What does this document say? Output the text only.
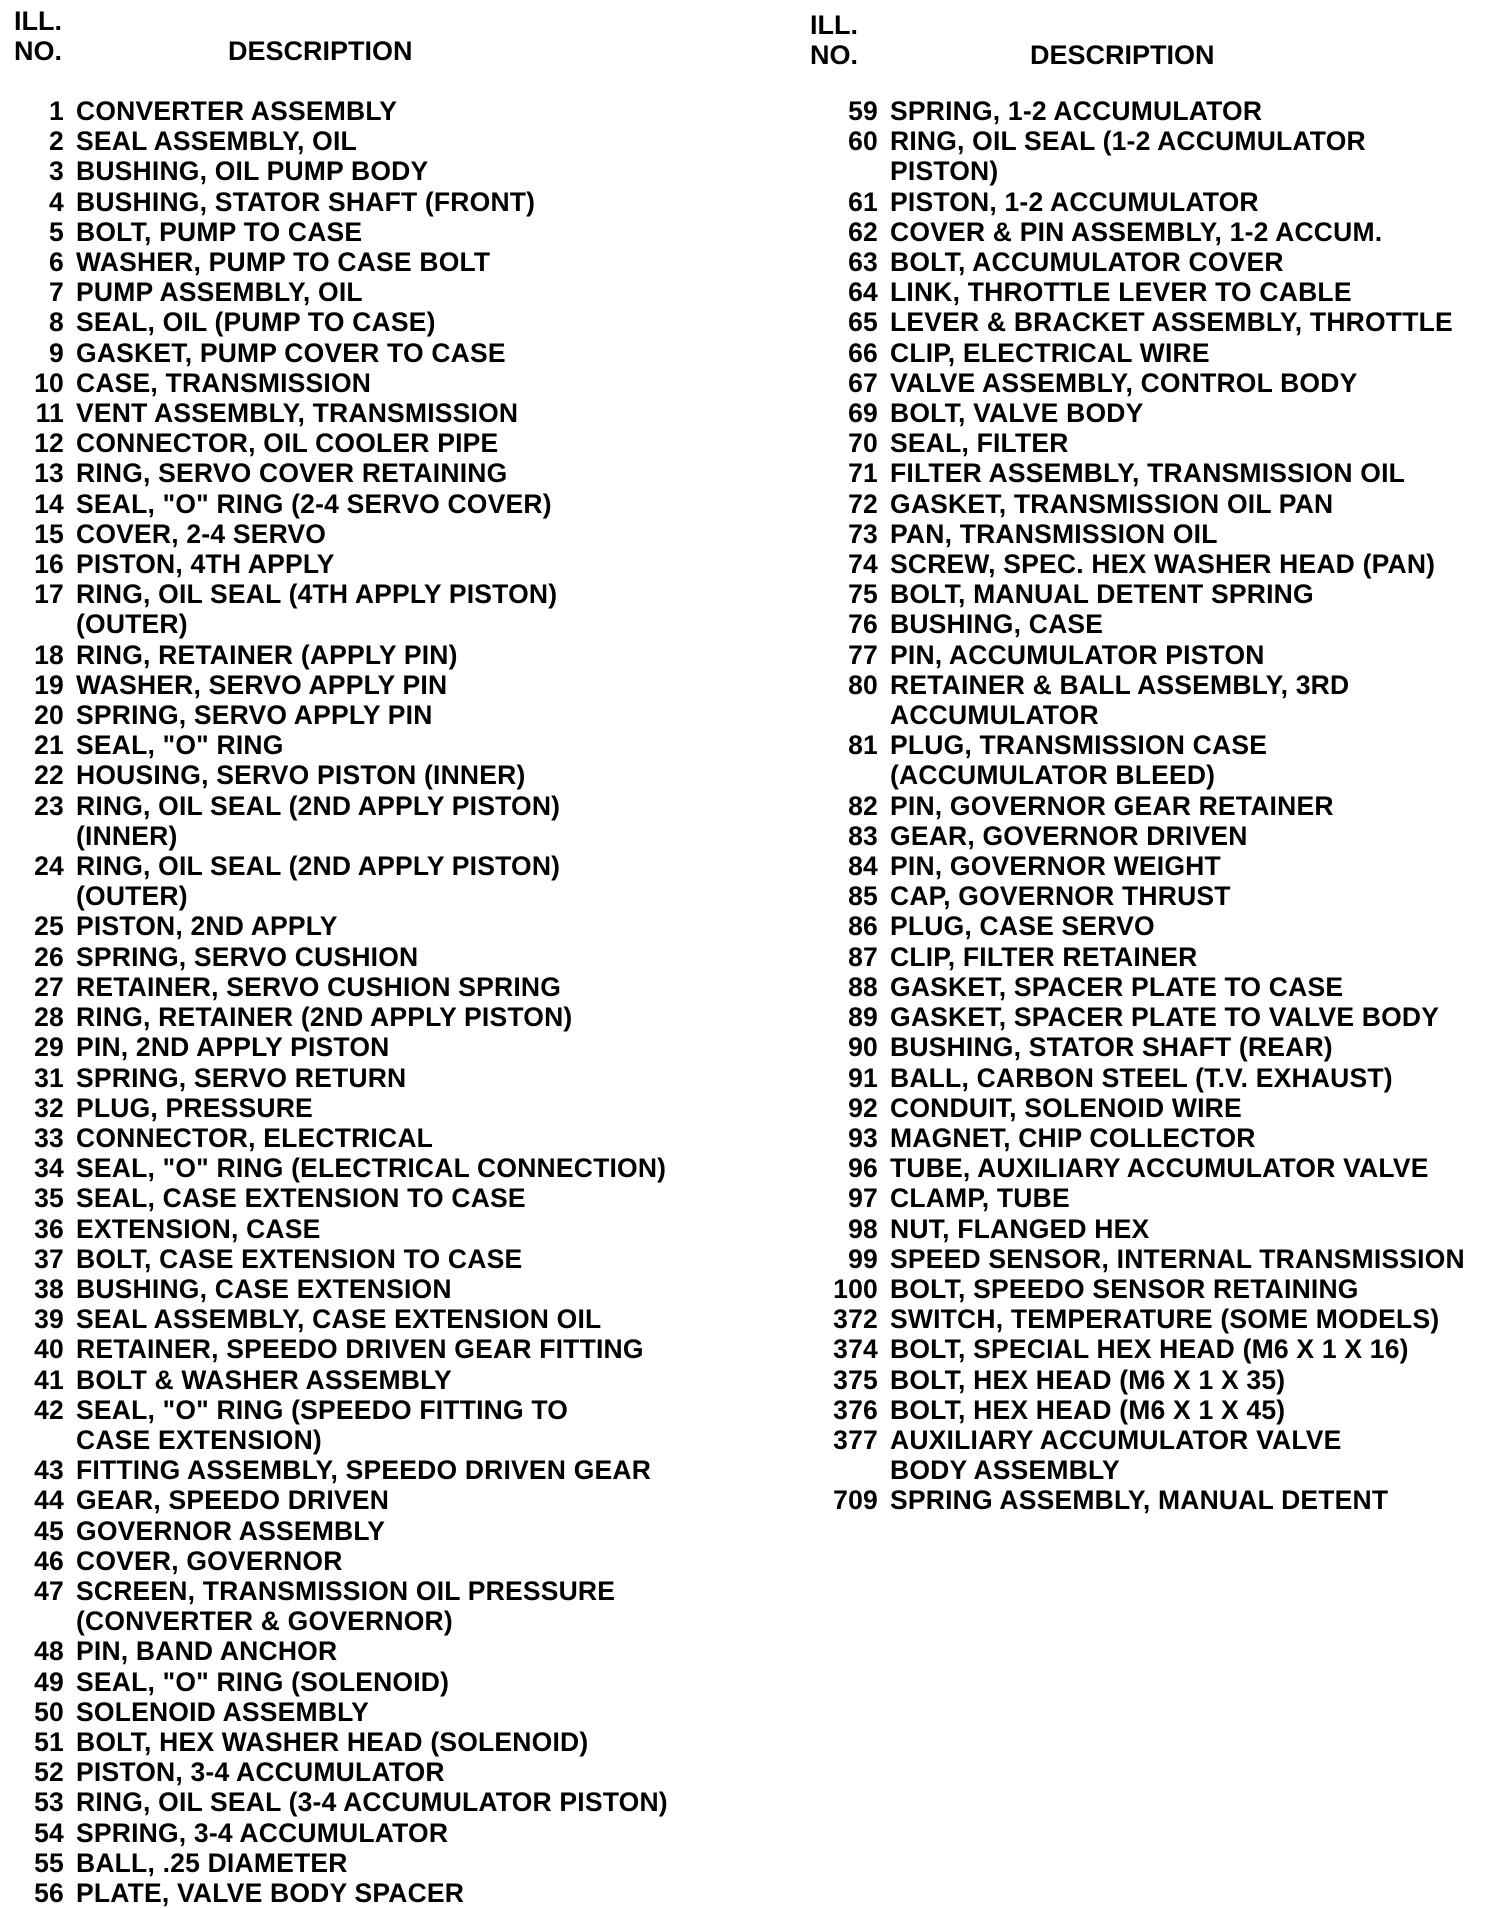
ILL.
NO.	DESCRIPTION
1 CONVERTER ASSEMBLY
2 SEAL ASSEMBLY, OIL
3 BUSHING, OIL PUMP BODY
4 BUSHING, STATOR SHAFT (FRONT)
5 BOLT, PUMP TO CASE
6 WASHER, PUMP TO CASE BOLT
7 PUMP ASSEMBLY, OIL
8 SEAL, OIL (PUMP TO CASE)
9 GASKET, PUMP COVER TO CASE
10 CASE, TRANSMISSION
11 VENT ASSEMBLY, TRANSMISSION
12 CONNECTOR, OIL COOLER PIPE
13 RING, SERVO COVER RETAINING
14 SEAL, "O" RING (2-4 SERVO COVER)
15 COVER, 2-4 SERVO
16 PISTON, 4TH APPLY
17 RING, OIL SEAL (4TH APPLY PISTON)
(OUTER)
18 RING, RETAINER (APPLY PIN)
19 WASHER, SERVO APPLY PIN
20 SPRING, SERVO APPLY PIN
21 SEAL, "O" RING
22 HOUSING, SERVO PISTON (INNER)
23 RING, OIL SEAL (2ND APPLY PISTON)
(INNER)
24 RING, OIL SEAL (2ND APPLY PISTON)
(OUTER)
25 PISTON, 2ND APPLY
26 SPRING, SERVO CUSHION
27 RETAINER, SERVO CUSHION SPRING
28 RING, RETAINER (2ND APPLY PISTON)
29 PIN, 2ND APPLY PISTON
31 SPRING, SERVO RETURN
32 PLUG, PRESSURE
33 CONNECTOR, ELECTRICAL
34 SEAL, "O" RING (ELECTRICAL CONNECTION)
35 SEAL, CASE EXTENSION TO CASE
36 EXTENSION, CASE
37 BOLT, CASE EXTENSION TO CASE
38 BUSHING, CASE EXTENSION
39 SEAL ASSEMBLY, CASE EXTENSION OIL
40 RETAINER, SPEEDO DRIVEN GEAR FITTING
41 BOLT & WASHER ASSEMBLY
42 SEAL, "O" RING (SPEEDO FITTING TO
CASE EXTENSION)
43 FITTING ASSEMBLY, SPEEDO DRIVEN GEAR
44 GEAR, SPEEDO DRIVEN
45 GOVERNOR ASSEMBLY
46 COVER, GOVERNOR
47 SCREEN, TRANSMISSION OIL PRESSURE
(CONVERTER & GOVERNOR)
48 PIN, BAND ANCHOR
49 SEAL, "O" RING (SOLENOID)
50 SOLENOID ASSEMBLY
51 BOLT, HEX WASHER HEAD (SOLENOID)
52 PISTON, 3-4 ACCUMULATOR
53 RING, OIL SEAL (3-4 ACCUMULATOR PISTON)
54 SPRING, 3-4 ACCUMULATOR
55 BALL, .25 DIAMETER
56 PLATE, VALVE BODY SPACER
ILL.
NO.	DESCRIPTION
59 SPRING, 1-2 ACCUMULATOR
60 RING, OIL SEAL (1-2 ACCUMULATOR
PISTON)
61 PISTON, 1-2 ACCUMULATOR
62 COVER & PIN ASSEMBLY, 1-2 ACCUM.
63 BOLT, ACCUMULATOR COVER
64 LINK, THROTTLE LEVER TO CABLE
65 LEVER & BRACKET ASSEMBLY, THROTTLE
66 CLIP, ELECTRICAL WIRE
67 VALVE ASSEMBLY, CONTROL BODY
69 BOLT, VALVE BODY
70 SEAL, FILTER
71 FILTER ASSEMBLY, TRANSMISSION OIL
72 GASKET, TRANSMISSION OIL PAN
73 PAN, TRANSMISSION OIL
74 SCREW, SPEC. HEX WASHER HEAD (PAN)
75 BOLT, MANUAL DETENT SPRING
76 BUSHING, CASE
77 PIN, ACCUMULATOR PISTON
80 RETAINER & BALL ASSEMBLY, 3RD
ACCUMULATOR
81 PLUG, TRANSMISSION CASE
(ACCUMULATOR BLEED)
82 PIN, GOVERNOR GEAR RETAINER
83 GEAR, GOVERNOR DRIVEN
84 PIN, GOVERNOR WEIGHT
85 CAP, GOVERNOR THRUST
86 PLUG, CASE SERVO
87 CLIP, FILTER RETAINER
88 GASKET, SPACER PLATE TO CASE
89 GASKET, SPACER PLATE TO VALVE BODY
90 BUSHING, STATOR SHAFT (REAR)
91 BALL, CARBON STEEL (T.V. EXHAUST)
92 CONDUIT, SOLENOID WIRE
93 MAGNET, CHIP COLLECTOR
96 TUBE, AUXILIARY ACCUMULATOR VALVE
97 CLAMP, TUBE
98 NUT, FLANGED HEX
99 SPEED SENSOR, INTERNAL TRANSMISSION
100 BOLT, SPEEDO SENSOR RETAINING
372 SWITCH, TEMPERATURE (SOME MODELS)
374 BOLT, SPECIAL HEX HEAD (M6 X 1 X 16)
375 BOLT, HEX HEAD (M6 X 1 X 35)
376 BOLT, HEX HEAD (M6 X 1 X 45)
377 AUXILIARY ACCUMULATOR VALVE
BODY ASSEMBLY
709 SPRING ASSEMBLY, MANUAL DETENT
